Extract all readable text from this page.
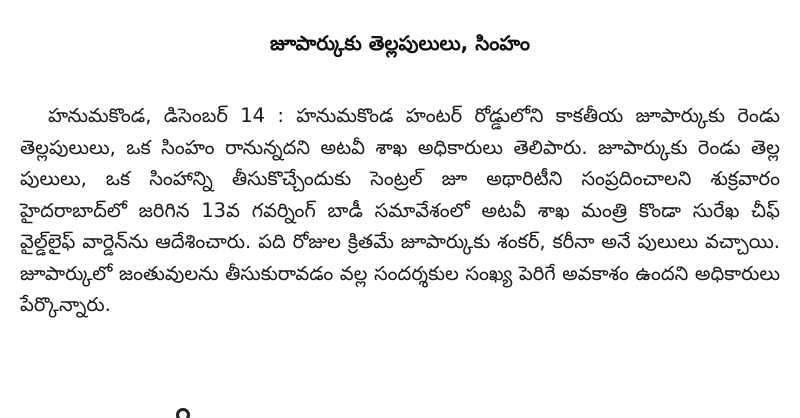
జూపార్కుకు తెల్లపులులు, సింహం

హనుమకొండ, డిసెంబర్ 14 : హనుమకొండ హంటర్ రోడ్డులోని కాకతీయ జూపార్కుకు రెండు తెల్లపులులు, ఒక సింహం రానున్నదని అటవీ శాఖ అధికారులు తెలిపారు. జూపార్కుకు రెండు తెల్ల పులులు, ఒక సింహాన్ని తీసుకొచ్చేందుకు సెంట్రల్ జూ అథారిటీని సంప్రదించాలని శుక్రవారం హైదరాబాద్‌లో జరిగిన 13వ గవర్నింగ్ బాడీ సమావేశంలో అటవీ శాఖ మంత్రి కొండా సురేఖ చీఫ్ వైల్డ్‌లైఫ్ వార్డెన్‌ను ఆదేశించారు. పది రోజుల క్రితమే జూపార్కుకు శంకర్, కరీనా అనే పులులు వచ్చాయి. జూపార్కులో జంతువులను తీసుకురావడం వల్ల సందర్శకుల సంఖ్య పెరిగే అవకాశం ఉందని అధికారులు పేర్కొన్నారు.
